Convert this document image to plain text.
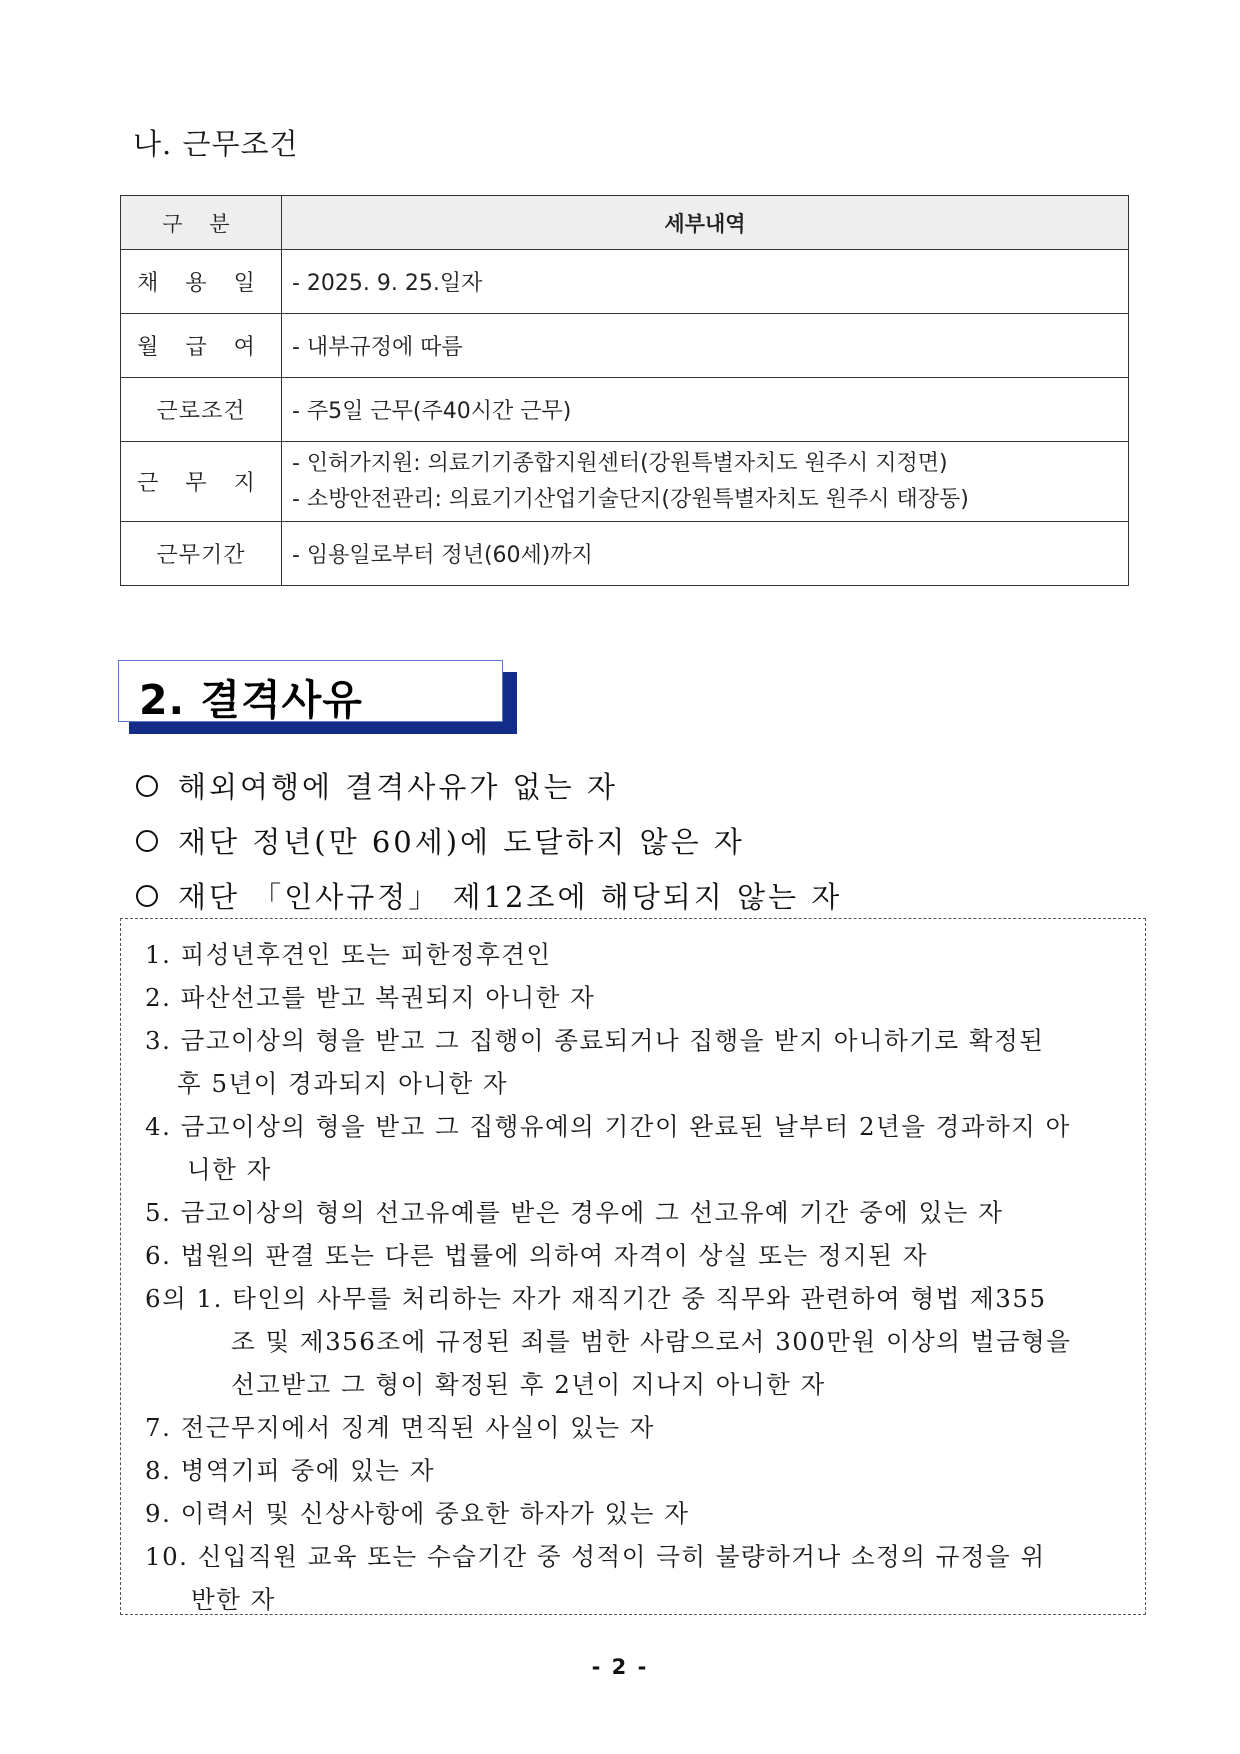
나. 근무조건
구 분	세부내역
채 용 일	- 2025. 9. 25.일자
월 급 여	- 내부규정에 따름
근로조건	- 주5일 근무(주40시간 근무)
근 무 지	- 인허가지원: 의료기기종합지원센터(강원특별자치도 원주시 지정면)
- 소방안전관리: 의료기기산업기술단지(강원특별자치도 원주시 태장동)

근무기간	- 임용일로부터 정년(60세)까지
2. 결격사유
해외여행에 결격사유가 없는 자
재단 정년(만 60세)에 도달하지 않은 자
재단 「인사규정」 제12조에 해당되지 않는 자
1. 피성년후견인 또는 피한정후견인
2. 파산선고를 받고 복권되지 아니한 자
3. 금고이상의 형을 받고 그 집행이 종료되거나 집행을 받지 아니하기로 확정된
후 5년이 경과되지 아니한 자
4. 금고이상의 형을 받고 그 집행유예의 기간이 완료된 날부터 2년을 경과하지 아
니한 자
5. 금고이상의 형의 선고유예를 받은 경우에 그 선고유예 기간 중에 있는 자
6. 법원의 판결 또는 다른 법률에 의하여 자격이 상실 또는 정지된 자
6의 1. 타인의 사무를 처리하는 자가 재직기간 중 직무와 관련하여 형법 제355
조 및 제356조에 규정된 죄를 범한 사람으로서 300만원 이상의 벌금형을
선고받고 그 형이 확정된 후 2년이 지나지 아니한 자
7. 전근무지에서 징계 면직된 사실이 있는 자
8. 병역기피 중에 있는 자
9. 이력서 및 신상사항에 중요한 하자가 있는 자
10. 신입직원 교육 또는 수습기간 중 성적이 극히 불량하거나 소정의 규정을 위
반한 자
- 2 -
